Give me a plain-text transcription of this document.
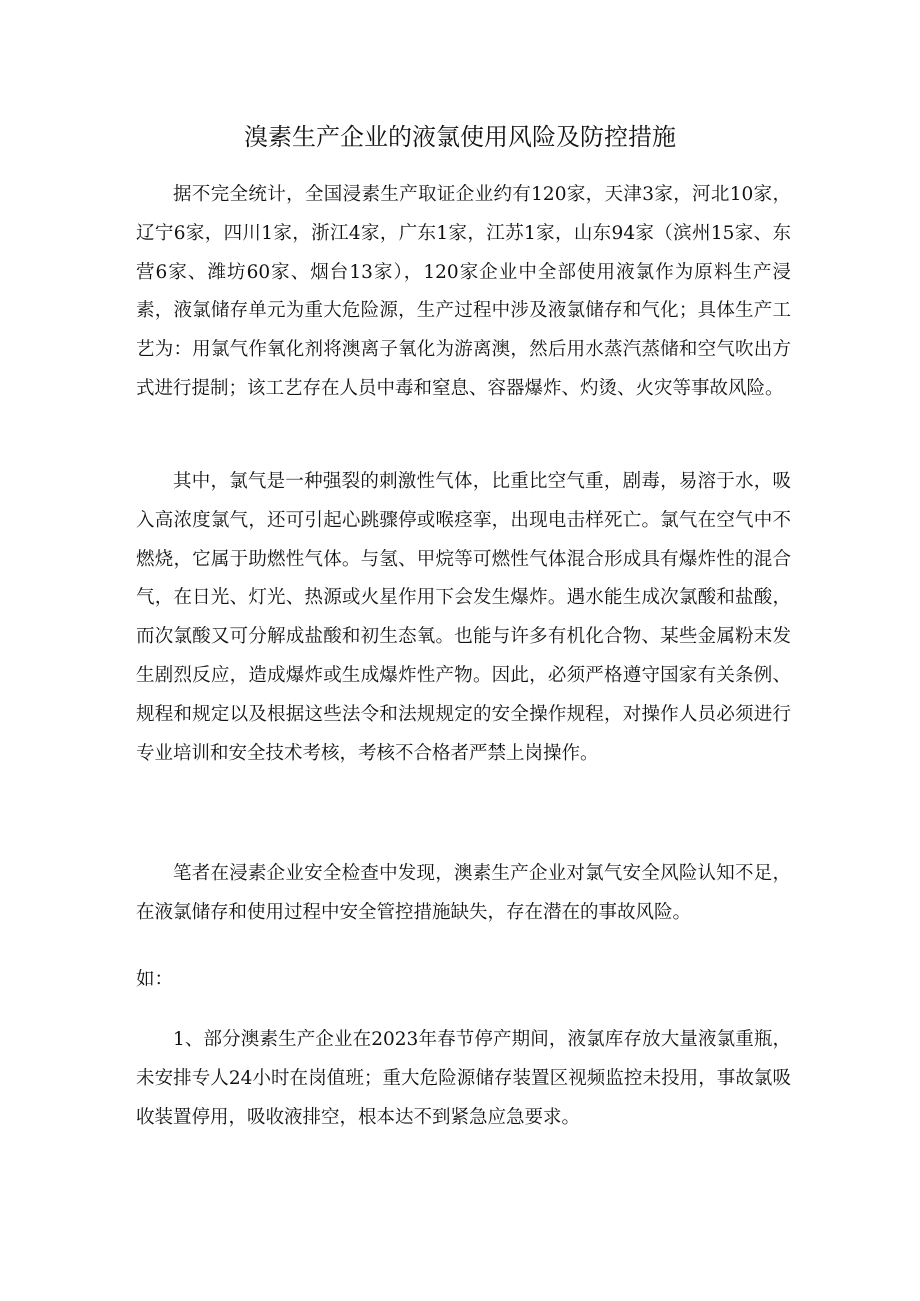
溴素生产企业的液氯使用风险及防控措施

据不完全统计，全国浸素生产取证企业约有120家，天津3家，河北10家，辽宁6家，四川1家，浙江4家，广东1家，江苏1家，山东94家（滨州15家、东营6家、潍坊60家、烟台13家），120家企业中全部使用液氯作为原料生产浸素，液氯储存单元为重大危险源，生产过程中涉及液氯储存和气化；具体生产工艺为：用氯气作氧化剂将澳离子氧化为游离澳，然后用水蒸汽蒸储和空气吹出方式进行提制；该工艺存在人员中毒和窒息、容器爆炸、灼烫、火灾等事故风险。

其中，氯气是一种强裂的刺激性气体，比重比空气重，剧毒，易溶于水，吸入高浓度氯气，还可引起心跳骤停或喉痉挛，出现电击样死亡。氯气在空气中不燃烧，它属于助燃性气体。与氢、甲烷等可燃性气体混合形成具有爆炸性的混合气，在日光、灯光、热源或火星作用下会发生爆炸。遇水能生成次氯酸和盐酸，而次氯酸又可分解成盐酸和初生态氧。也能与许多有机化合物、某些金属粉末发生剧烈反应，造成爆炸或生成爆炸性产物。因此，必须严格遵守国家有关条例、规程和规定以及根据这些法令和法规规定的安全操作规程，对操作人员必须进行专业培训和安全技术考核，考核不合格者严禁上岗操作。

笔者在浸素企业安全检查中发现，澳素生产企业对氯气安全风险认知不足，在液氯储存和使用过程中安全管控措施缺失，存在潜在的事故风险。

如：

1、部分澳素生产企业在2023年春节停产期间，液氯库存放大量液氯重瓶，未安排专人24小时在岗值班；重大危险源储存装置区视频监控未投用，事故氯吸收装置停用，吸收液排空，根本达不到紧急应急要求。
